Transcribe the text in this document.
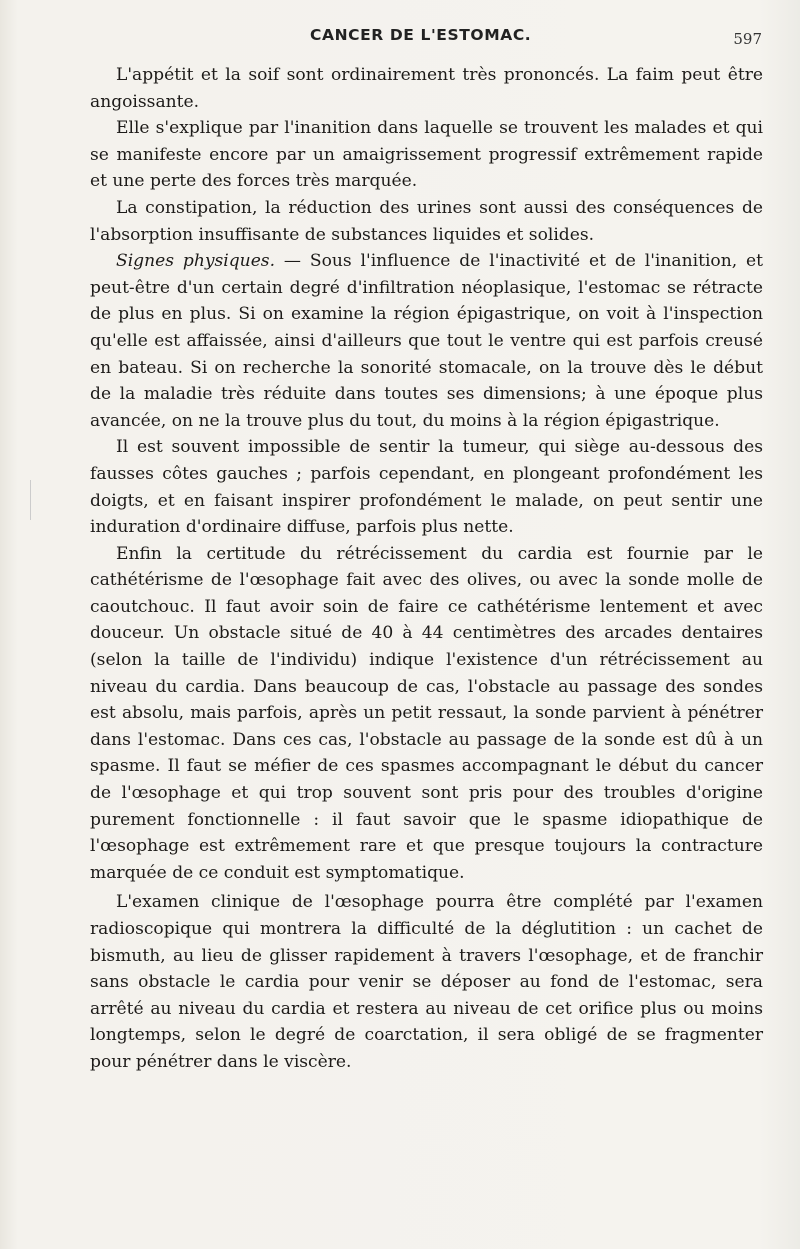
CANCER DE L'ESTOMAC.	597

L'appétit et la soif sont ordinairement très prononcés. La faim peut être angoissante.

Elle s'explique par l'inanition dans laquelle se trouvent les malades et qui se manifeste encore par un amaigrissement progressif extrêmement rapide et une perte des forces très marquée.

La constipation, la réduction des urines sont aussi des conséquences de l'absorption insuffisante de substances liquides et solides.

Signes physiques. — Sous l'influence de l'inactivité et de l'inanition, et peut-être d'un certain degré d'infiltration néoplasique, l'estomac se rétracte de plus en plus. Si on examine la région épigastrique, on voit à l'inspection qu'elle est affaissée, ainsi d'ailleurs que tout le ventre qui est parfois creusé en bateau. Si on recherche la sonorité stomacale, on la trouve dès le début de la maladie très réduite dans toutes ses dimensions; à une époque plus avancée, on ne la trouve plus du tout, du moins à la région épigastrique.

Il est souvent impossible de sentir la tumeur, qui siège au-dessous des fausses côtes gauches ; parfois cependant, en plongeant profondément les doigts, et en faisant inspirer profondément le malade, on peut sentir une induration d'ordinaire diffuse, parfois plus nette.

Enfin la certitude du rétrécissement du cardia est fournie par le cathétérisme de l'œsophage fait avec des olives, ou avec la sonde molle de caoutchouc. Il faut avoir soin de faire ce cathétérisme lentement et avec douceur. Un obstacle situé de 40 à 44 centimètres des arcades dentaires (selon la taille de l'individu) indique l'existence d'un rétrécissement au niveau du cardia. Dans beaucoup de cas, l'obstacle au passage des sondes est absolu, mais parfois, après un petit ressaut, la sonde parvient à pénétrer dans l'estomac. Dans ces cas, l'obstacle au passage de la sonde est dû à un spasme. Il faut se méfier de ces spasmes accompagnant le début du cancer de l'œsophage et qui trop souvent sont pris pour des troubles d'origine purement fonctionnelle : il faut savoir que le spasme idiopathique de l'œsophage est extrêmement rare et que presque toujours la contracture marquée de ce conduit est symptomatique.

L'examen clinique de l'œsophage pourra être complété par l'examen radioscopique qui montrera la difficulté de la déglutition : un cachet de bismuth, au lieu de glisser rapidement à travers l'œsophage, et de franchir sans obstacle le cardia pour venir se déposer au fond de l'estomac, sera arrêté au niveau du cardia et restera au niveau de cet orifice plus ou moins longtemps, selon le degré de coarctation, il sera obligé de se fragmenter pour pénétrer dans le viscère.
